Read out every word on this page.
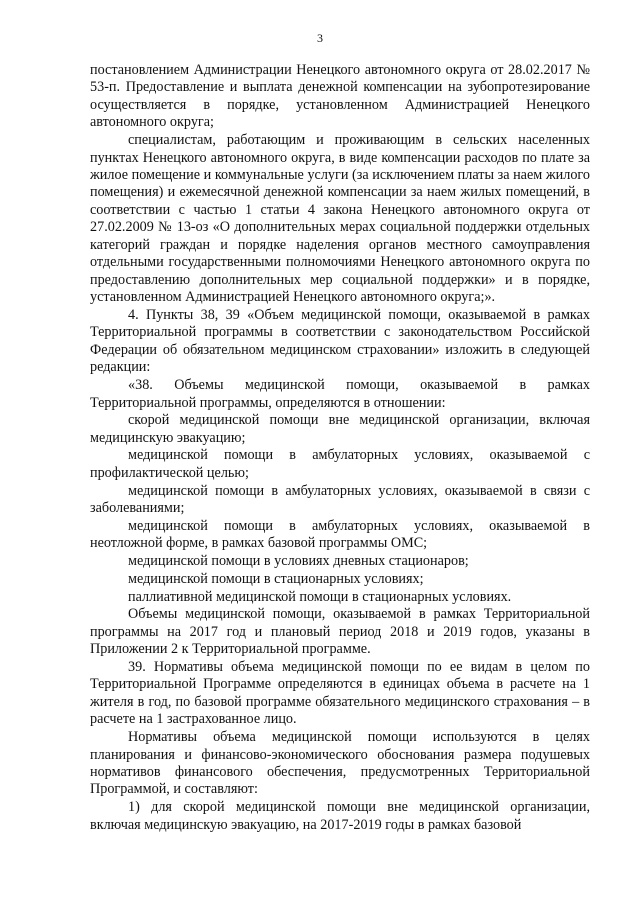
3

постановлением Администрации Ненецкого автономного округа от 28.02.2017 № 53-п. Предоставление и выплата денежной компенсации на зубопротезирование осуществляется в порядке, установленном Администрацией Ненецкого автономного округа;

специалистам, работающим и проживающим в сельских населенных пунктах Ненецкого автономного округа, в виде компенсации расходов по плате за жилое помещение и коммунальные услуги (за исключением платы за наем жилого помещения) и ежемесячной денежной компенсации за наем жилых помещений, в соответствии с частью 1 статьи 4 закона Ненецкого автономного округа от 27.02.2009 № 13-оз «О дополнительных мерах социальной поддержки отдельных категорий граждан и порядке наделения органов местного самоуправления отдельными государственными полномочиями Ненецкого автономного округа по предоставлению дополнительных мер социальной поддержки» и в порядке, установленном Администрацией Ненецкого автономного округа;».

4. Пункты 38, 39 «Объем медицинской помощи, оказываемой в рамках Территориальной программы в соответствии с законодательством Российской Федерации об обязательном медицинском страховании» изложить в следующей редакции:

«38. Объемы медицинской помощи, оказываемой в рамках Территориальной программы, определяются в отношении:

скорой медицинской помощи вне медицинской организации, включая медицинскую эвакуацию;

медицинской помощи в амбулаторных условиях, оказываемой с профилактической целью;

медицинской помощи в амбулаторных условиях, оказываемой в связи с заболеваниями;

медицинской помощи в амбулаторных условиях, оказываемой в неотложной форме, в рамках базовой программы ОМС;

медицинской помощи в условиях дневных стационаров;

медицинской помощи в стационарных условиях;

паллиативной медицинской помощи в стационарных условиях.

Объемы медицинской помощи, оказываемой в рамках Территориальной программы на 2017 год и плановый период 2018 и 2019 годов, указаны в Приложении 2 к Территориальной программе.

39. Нормативы объема медицинской помощи по ее видам в целом по Территориальной Программе определяются в единицах объема в расчете на 1 жителя в год, по базовой программе обязательного медицинского страхования – в расчете на 1 застрахованное лицо.

Нормативы объема медицинской помощи используются в целях планирования и финансово-экономического обоснования размера подушевых нормативов финансового обеспечения, предусмотренных Территориальной Программой, и составляют:

1) для скорой медицинской помощи вне медицинской организации, включая медицинскую эвакуацию, на 2017-2019 годы в рамках базовой
